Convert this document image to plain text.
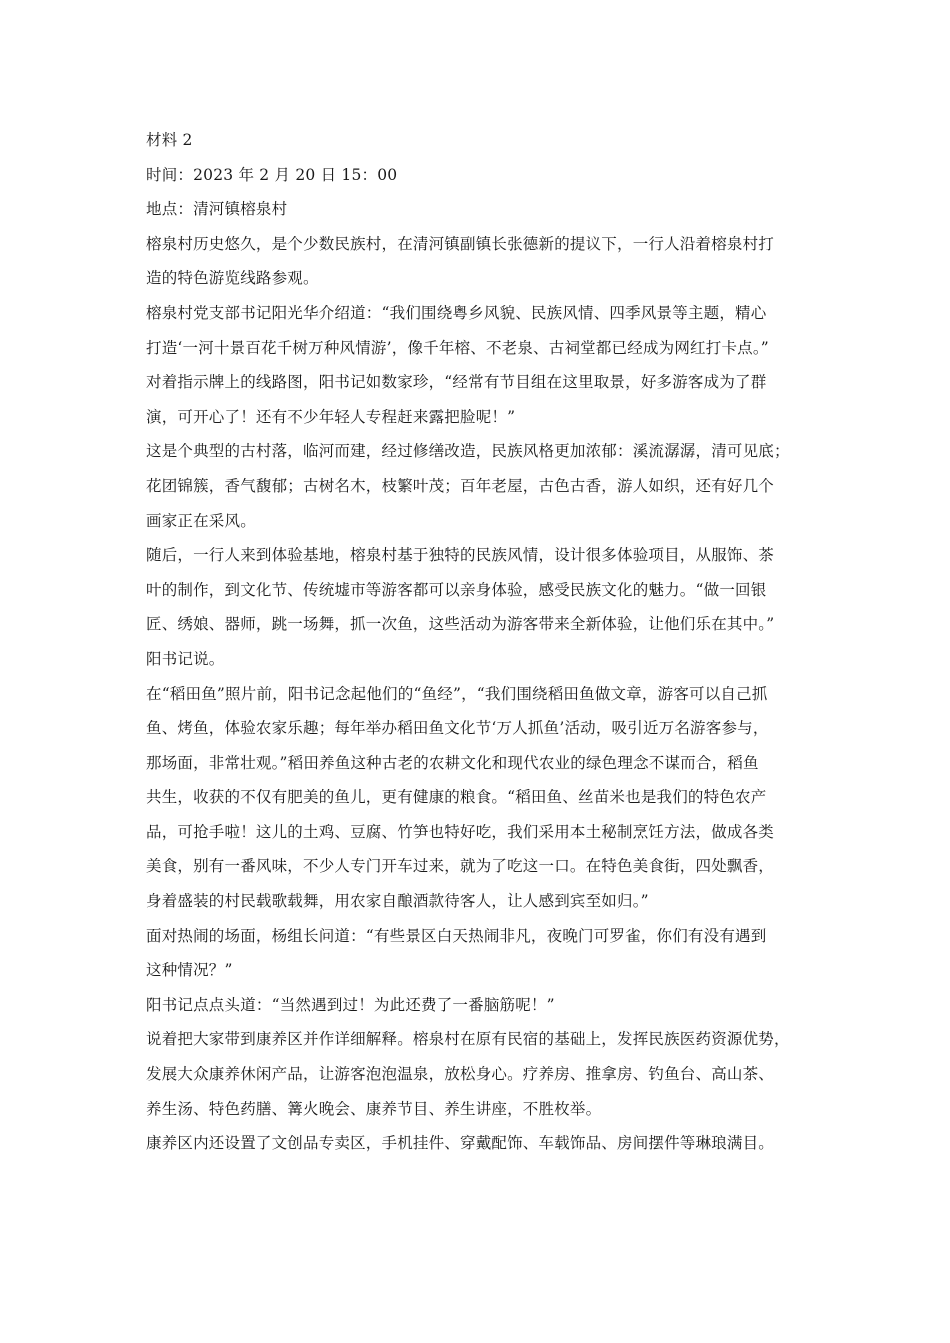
材料 2
时间：2023 年 2 月 20 日 15：00
地点：清河镇榕泉村
榕泉村历史悠久，是个少数民族村，在清河镇副镇长张德新的提议下，一行人沿着榕泉村打
造的特色游览线路参观。
榕泉村党支部书记阳光华介绍道：“我们围绕粤乡风貌、民族风情、四季风景等主题，精心
打造‘一河十景百花千树万种风情游’，像千年榕、不老泉、古祠堂都已经成为网红打卡点。”
对着指示牌上的线路图，阳书记如数家珍，“经常有节目组在这里取景，好多游客成为了群
演，可开心了！还有不少年轻人专程赶来露把脸呢！”
这是个典型的古村落，临河而建，经过修缮改造，民族风格更加浓郁：溪流潺潺，清可见底；
花团锦簇，香气馥郁；古树名木，枝繁叶茂；百年老屋，古色古香，游人如织，还有好几个
画家正在采风。
随后，一行人来到体验基地，榕泉村基于独特的民族风情，设计很多体验项目，从服饰、茶
叶的制作，到文化节、传统墟市等游客都可以亲身体验，感受民族文化的魅力。“做一回银
匠、绣娘、器师，跳一场舞，抓一次鱼，这些活动为游客带来全新体验，让他们乐在其中。”
阳书记说。
在“稻田鱼”照片前，阳书记念起他们的“鱼经”，“我们围绕稻田鱼做文章，游客可以自己抓
鱼、烤鱼，体验农家乐趣；每年举办稻田鱼文化节‘万人抓鱼’活动，吸引近万名游客参与，
那场面，非常壮观。”稻田养鱼这种古老的农耕文化和现代农业的绿色理念不谋而合，稻鱼
共生，收获的不仅有肥美的鱼儿，更有健康的粮食。“稻田鱼、丝苗米也是我们的特色农产
品，可抢手啦！这儿的土鸡、豆腐、竹笋也特好吃，我们采用本土秘制烹饪方法，做成各类
美食，别有一番风味，不少人专门开车过来，就为了吃这一口。在特色美食街，四处飘香，
身着盛装的村民载歌载舞，用农家自酿酒款待客人，让人感到宾至如归。”
面对热闹的场面，杨组长问道：“有些景区白天热闹非凡，夜晚门可罗雀，你们有没有遇到
这种情况？”
阳书记点点头道：“当然遇到过！为此还费了一番脑筋呢！”
说着把大家带到康养区并作详细解释。榕泉村在原有民宿的基础上，发挥民族医药资源优势，
发展大众康养休闲产品，让游客泡泡温泉，放松身心。疗养房、推拿房、钓鱼台、高山茶、
养生汤、特色药膳、篝火晚会、康养节目、养生讲座，不胜枚举。
康养区内还设置了文创品专卖区，手机挂件、穿戴配饰、车载饰品、房间摆件等琳琅满目。
